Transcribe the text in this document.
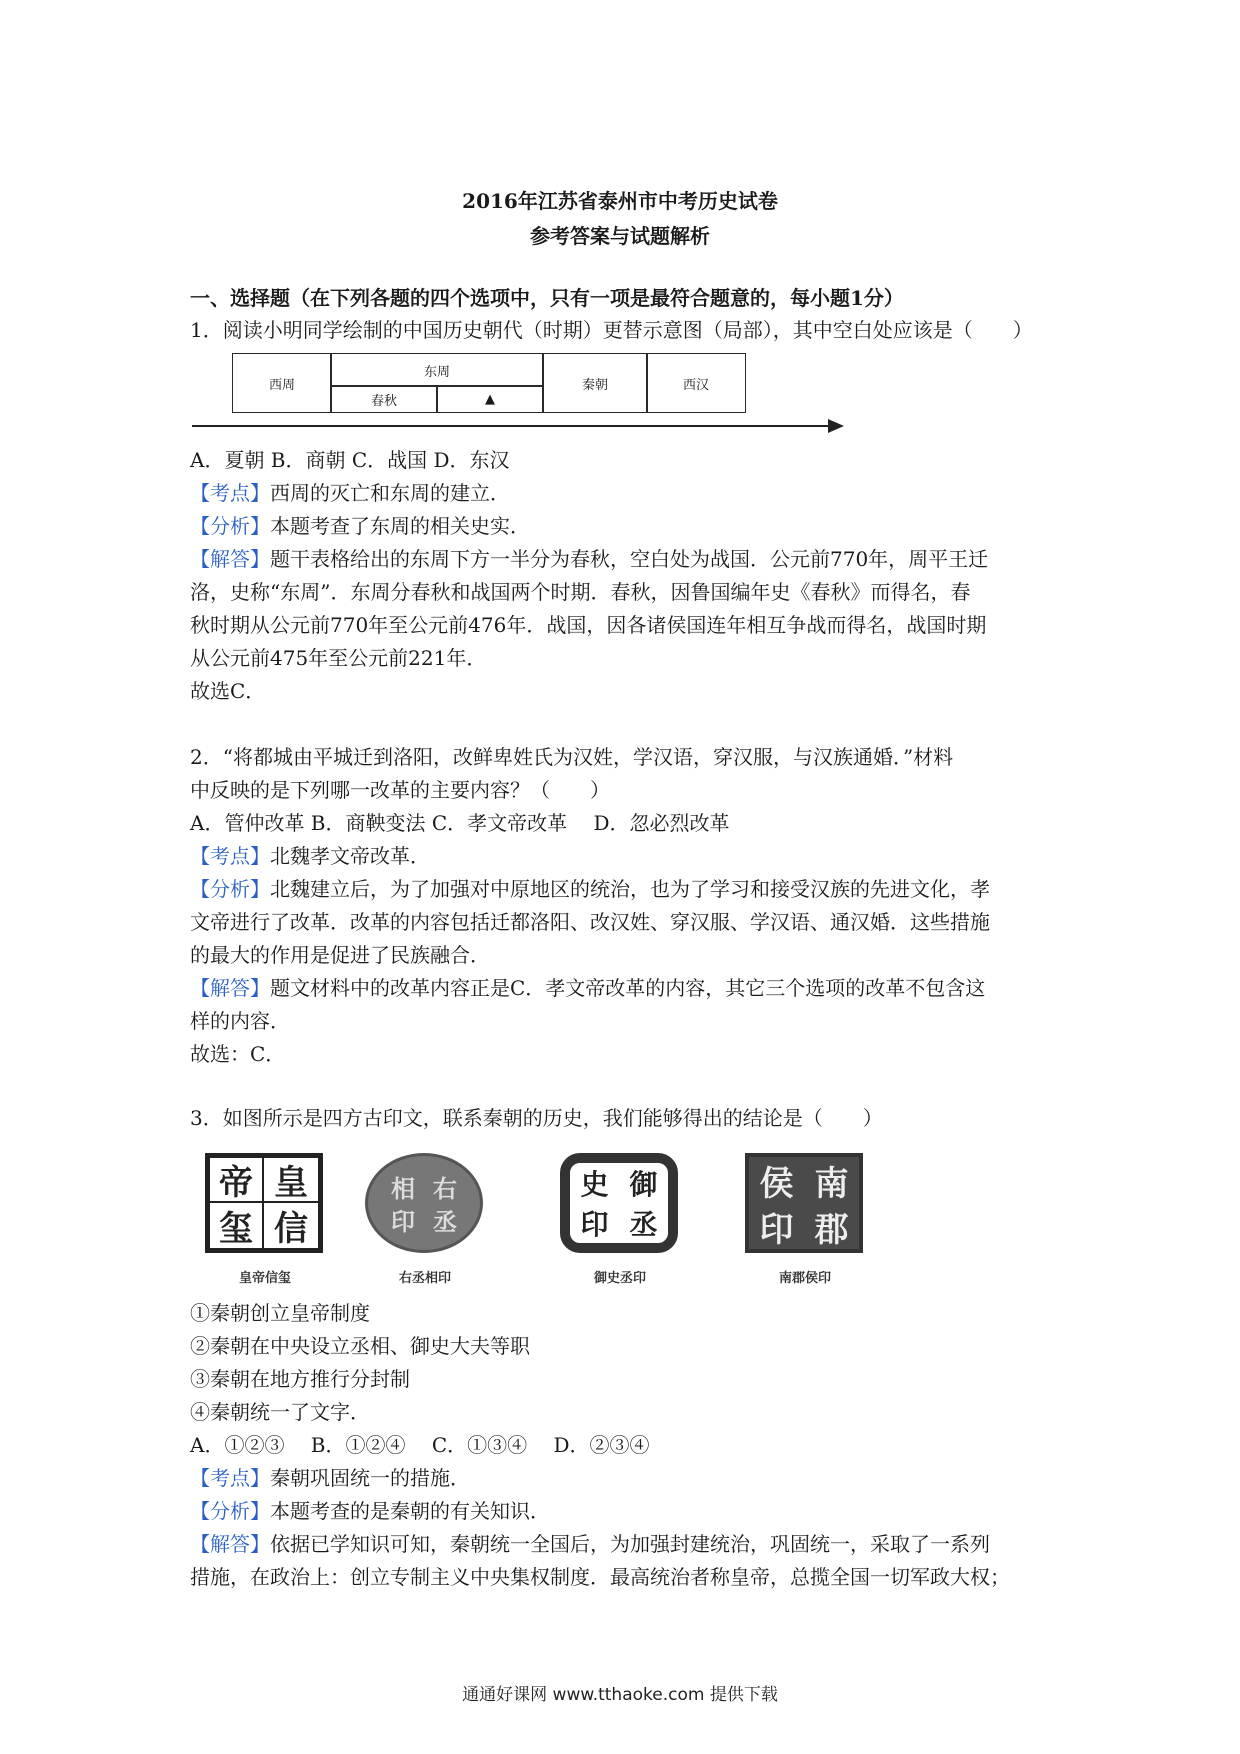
2016年江苏省泰州市中考历史试卷
参考答案与试题解析
一、选择题（在下列各题的四个选项中，只有一项是最符合题意的，每小题1分）
1．阅读小明同学绘制的中国历史朝代（时期）更替示意图（局部），其中空白处应该是（　　）
西周
东周
春秋	▲
秦朝	西汉
A．夏朝 B．商朝 C．战国 D．东汉
【考点】西周的灭亡和东周的建立．
【分析】本题考查了东周的相关史实．
【解答】题干表格给出的东周下方一半分为春秋，空白处为战国．公元前770年，周平王迁
洛，史称“东周”．东周分春秋和战国两个时期．春秋，因鲁国编年史《春秋》而得名，春
秋时期从公元前770年至公元前476年．战国，因各诸侯国连年相互争战而得名，战国时期
从公元前475年至公元前221年．
故选C．
2．“将都城由平城迁到洛阳，改鲜卑姓氏为汉姓，学汉语，穿汉服，与汉族通婚．”材料
中反映的是下列哪一改革的主要内容？（　　）
A．管仲改革 B．商鞅变法 C．孝文帝改革　 D．忽必烈改革
【考点】北魏孝文帝改革．
【分析】北魏建立后，为了加强对中原地区的统治，也为了学习和接受汉族的先进文化，孝
文帝进行了改革．改革的内容包括迁都洛阳、改汉姓、穿汉服、学汉语、通汉婚．这些措施
的最大的作用是促进了民族融合．
【解答】题文材料中的改革内容正是C．孝文帝改革的内容，其它三个选项的改革不包含这
样的内容．
故选：C．
3．如图所示是四方古印文，联系秦朝的历史，我们能够得出的结论是（　　）
帝 皇
玺 信
皇帝信玺
相 右
印 丞
右丞相印
史 御
印 丞
御史丞印
侯 南
印 郡
南郡侯印
①秦朝创立皇帝制度
②秦朝在中央设立丞相、御史大夫等职
③秦朝在地方推行分封制
④秦朝统一了文字．
A．①②③　 B．①②④　 C．①③④　 D．②③④
【考点】秦朝巩固统一的措施．
【分析】本题考查的是秦朝的有关知识．
【解答】依据已学知识可知，秦朝统一全国后，为加强封建统治，巩固统一，采取了一系列
措施，在政治上：创立专制主义中央集权制度．最高统治者称皇帝，总揽全国一切军政大权；
通通好课网 www.tthaoke.com 提供下载
